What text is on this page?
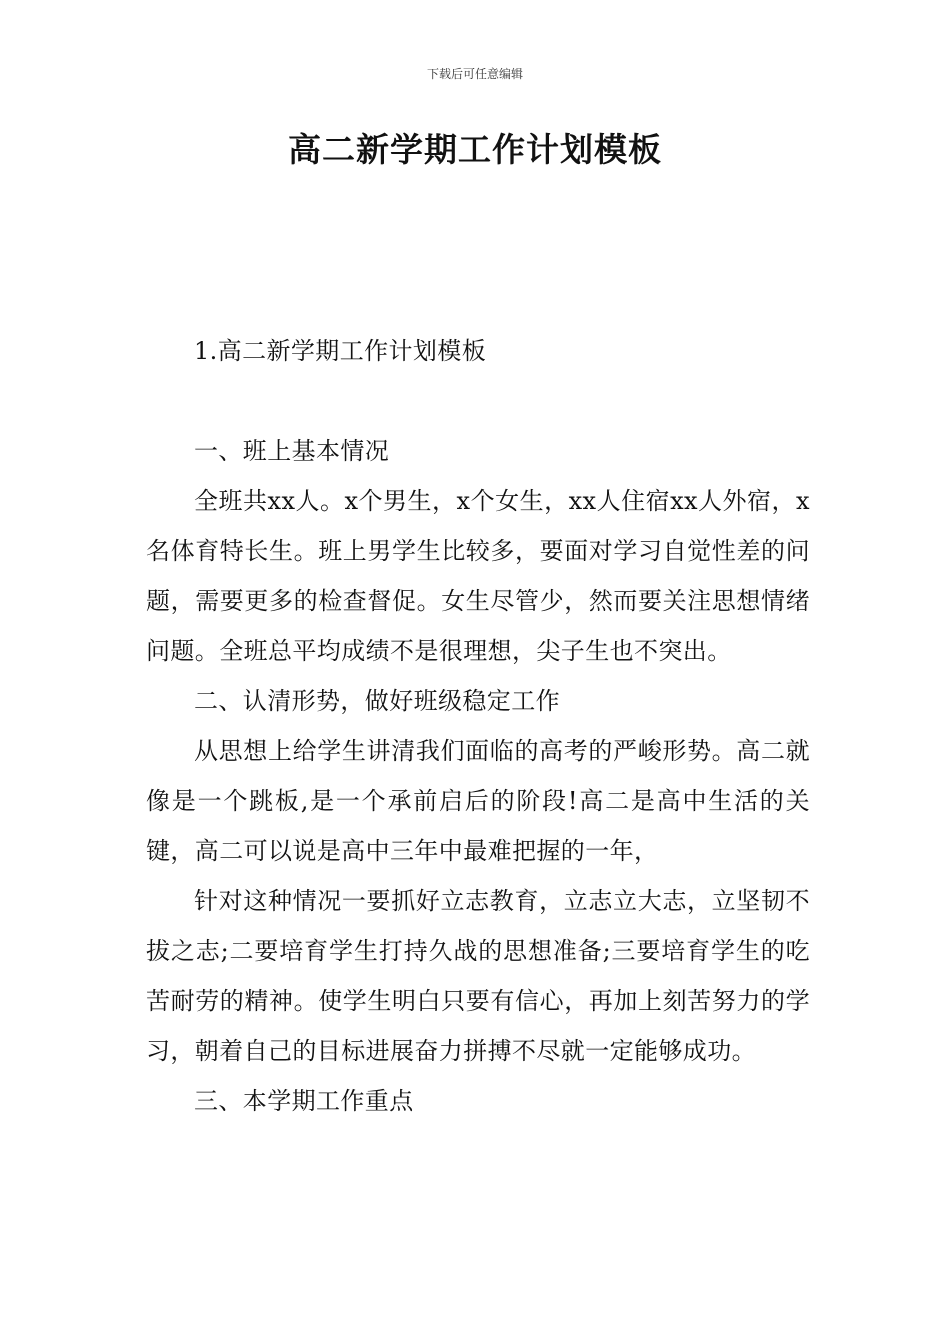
下载后可任意编辑
高二新学期工作计划模板

1.高二新学期工作计划模板

一、班上基本情况

全班共xx人。x个男生，x个女生，xx人住宿xx人外宿，x名体育特长生。班上男学生比较多，要面对学习自觉性差的问题，需要更多的检查督促。女生尽管少，然而要关注思想情绪问题。全班总平均成绩不是很理想，尖子生也不突出。

二、认清形势，做好班级稳定工作

从思想上给学生讲清我们面临的高考的严峻形势。高二就像是一个跳板,是一个承前启后的阶段!高二是高中生活的关键，高二可以说是高中三年中最难把握的一年，

针对这种情况一要抓好立志教育，立志立大志，立坚韧不拔之志;二要培育学生打持久战的思想准备;三要培育学生的吃苦耐劳的精神。使学生明白只要有信心，再加上刻苦努力的学习，朝着自己的目标进展奋力拼搏不尽就一定能够成功。

三、本学期工作重点
